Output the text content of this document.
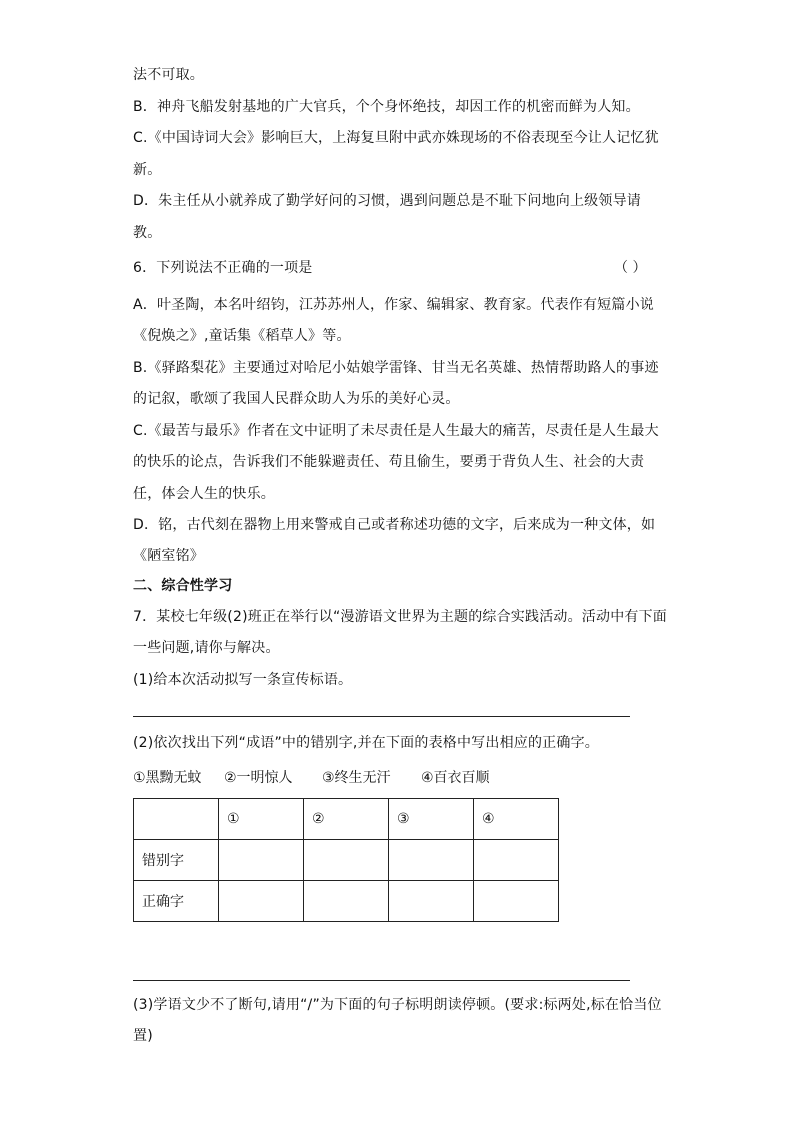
法不可取。
B．神舟飞船发射基地的广大官兵，个个身怀绝技，却因工作的机密而鲜为人知。
C.《中国诗词大会》影响巨大，上海复旦附中武亦姝现场的不俗表现至今让人记忆犹
新。
D．朱主任从小就养成了勤学好问的习惯，遇到问题总是不耻下问地向上级领导请
教。
6．下列说法不正确的一项是	（ ）
A．叶圣陶，本名叶绍钧，江苏苏州人，作家、编辑家、教育家。代表作有短篇小说
《倪焕之》,童话集《稻草人》等。
B.《驿路梨花》主要通过对哈尼小姑娘学雷锋、甘当无名英雄、热情帮助路人的事迹
的记叙，歌颂了我国人民群众助人为乐的美好心灵。
C.《最苦与最乐》作者在文中证明了未尽责任是人生最大的痛苦，尽责任是人生最大
的快乐的论点，告诉我们不能躲避责任、苟且偷生，要勇于背负人生、社会的大责
任，体会人生的快乐。
D．铭，古代刻在器物上用来警戒自己或者称述功德的文字，后来成为一种文体，如
《陋室铭》
二、综合性学习
7．某校七年级(2)班正在举行以“漫游语文世界为主题的综合实践活动。活动中有下面
一些问题,请你与解决。
(1)给本次活动拟写一条宣传标语。
(2)依次找出下列“成语”中的错别字,并在下面的表格中写出相应的正确字。
①黑黝无蚊 ②一明惊人 ③终生无汗 ④百衣百顺
	①	②	③	④
错别字				
正确字				
(3)学语文少不了断句,请用“/”为下面的句子标明朗读停顿。(要求:标两处,标在恰当位
置)
